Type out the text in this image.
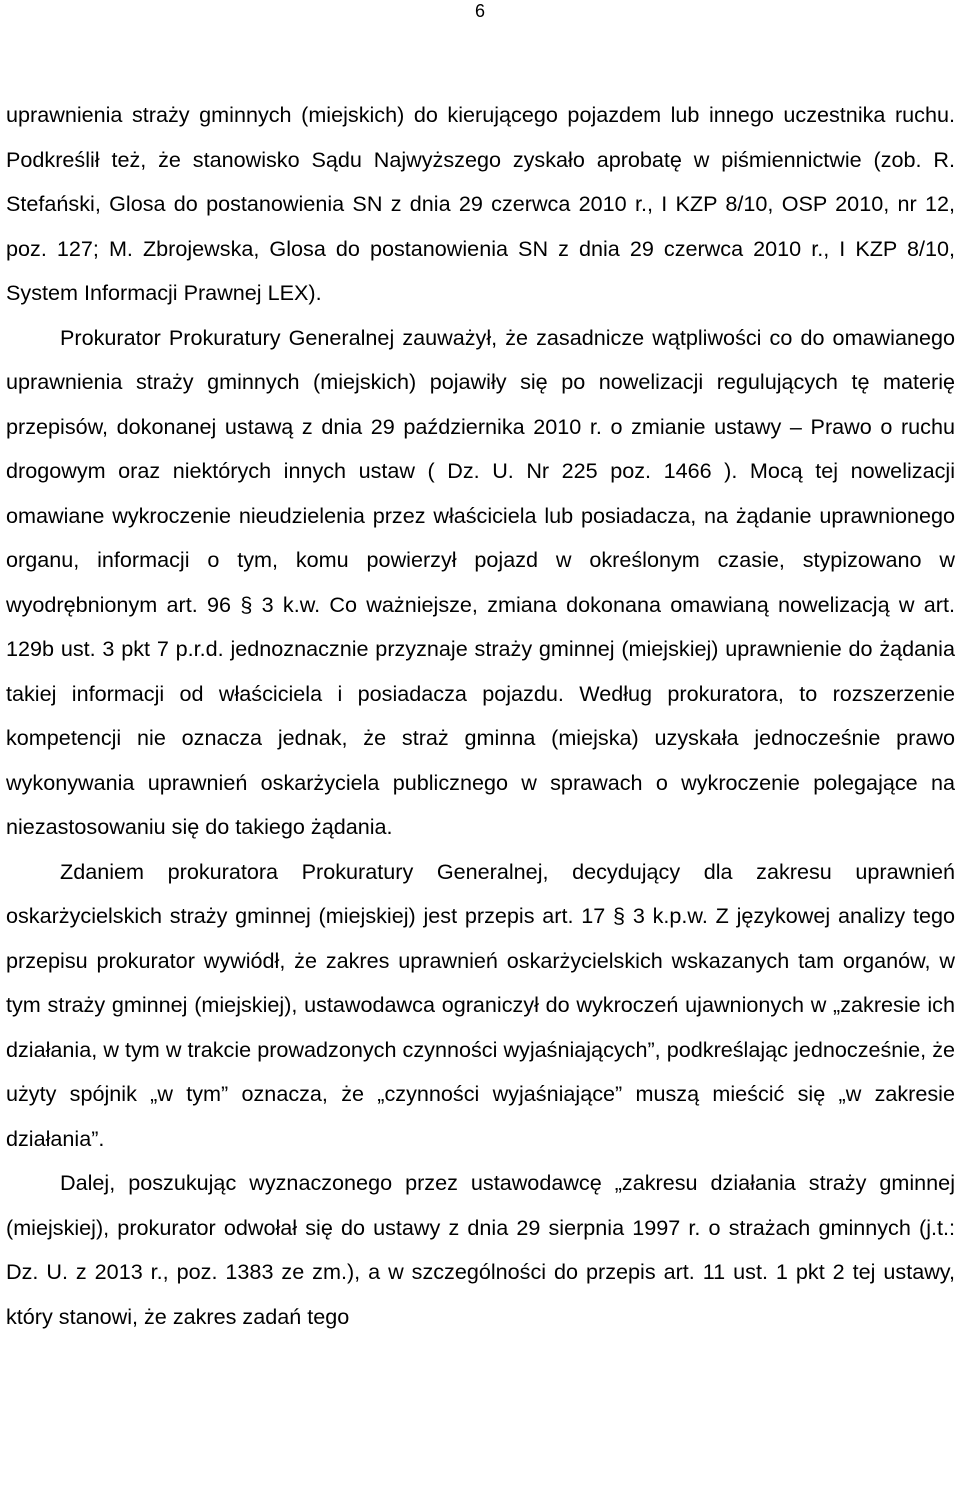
6

uprawnienia straży gminnych (miejskich) do kierującego pojazdem lub innego uczestnika ruchu. Podkreślił też, że stanowisko Sądu Najwyższego zyskało aprobatę w piśmiennictwie (zob. R. Stefański, Glosa do postanowienia SN z dnia 29 czerwca 2010 r., I KZP 8/10, OSP 2010, nr 12, poz. 127; M. Zbrojewska, Glosa do postanowienia SN z dnia 29 czerwca 2010 r., I KZP 8/10, System Informacji Prawnej LEX).

Prokurator Prokuratury Generalnej zauważył, że zasadnicze wątpliwości co do omawianego uprawnienia straży gminnych (miejskich) pojawiły się po nowelizacji regulujących tę materię przepisów, dokonanej ustawą z dnia 29 października 2010 r. o zmianie ustawy – Prawo o ruchu drogowym oraz niektórych innych ustaw ( Dz. U. Nr 225 poz. 1466 ). Mocą tej nowelizacji omawiane wykroczenie nieudzielenia przez właściciela lub posiadacza, na żądanie uprawnionego organu, informacji o tym, komu powierzył pojazd w określonym czasie, stypizowano w wyodrębnionym art. 96 § 3 k.w. Co ważniejsze, zmiana dokonana omawianą nowelizacją w art. 129b ust. 3 pkt 7 p.r.d. jednoznacznie przyznaje straży gminnej (miejskiej) uprawnienie do żądania takiej informacji od właściciela i posiadacza pojazdu. Według prokuratora, to rozszerzenie kompetencji nie oznacza jednak, że straż gminna (miejska) uzyskała jednocześnie prawo wykonywania uprawnień oskarżyciela publicznego w sprawach o wykroczenie polegające na niezastosowaniu się do takiego żądania.

Zdaniem prokuratora Prokuratury Generalnej, decydujący dla zakresu uprawnień oskarżycielskich straży gminnej (miejskiej) jest przepis art. 17 § 3 k.p.w. Z językowej analizy tego przepisu prokurator wywiódł, że zakres uprawnień oskarżycielskich wskazanych tam organów, w tym straży gminnej (miejskiej), ustawodawca ograniczył do wykroczeń ujawnionych w „zakresie ich działania, w tym w trakcie prowadzonych czynności wyjaśniających”, podkreślając jednocześnie, że użyty spójnik „w tym” oznacza, że „czynności wyjaśniające” muszą mieścić się „w zakresie działania”.

Dalej, poszukując wyznaczonego przez ustawodawcę „zakresu działania straży gminnej (miejskiej), prokurator odwołał się do ustawy z dnia 29 sierpnia 1997 r. o strażach gminnych (j.t.: Dz. U. z 2013 r., poz. 1383 ze zm.), a w szczególności do przepis art. 11 ust. 1 pkt 2 tej ustawy, który stanowi, że zakres zadań tego
